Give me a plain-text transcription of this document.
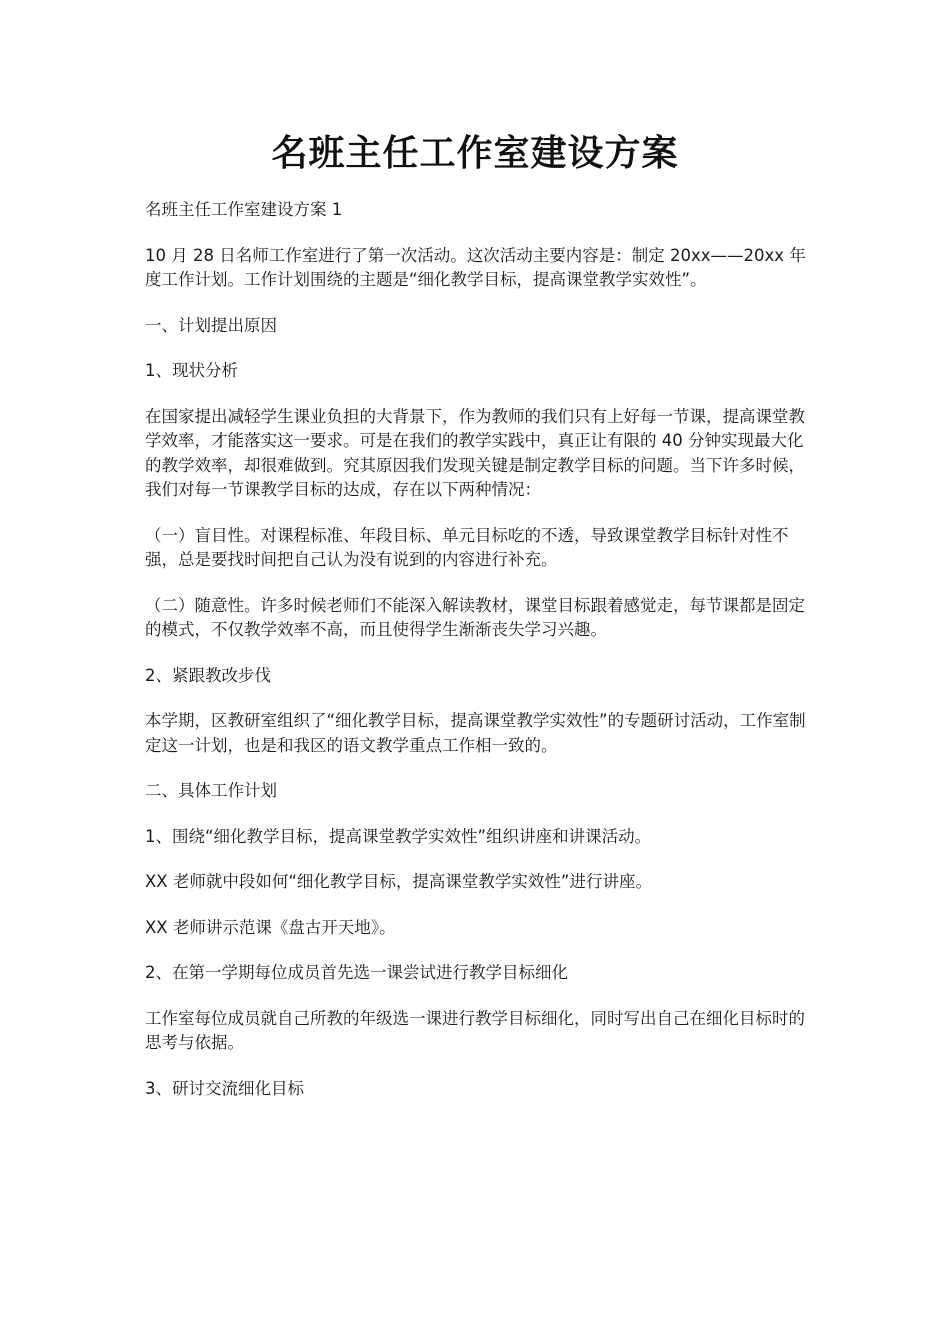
名班主任工作室建设方案

名班主任工作室建设方案 1

10 月 28 日名师工作室进行了第一次活动。这次活动主要内容是：制定 20xx——20xx 年度工作计划。工作计划围绕的主题是“细化教学目标，提高课堂教学实效性”。

一、计划提出原因

1、现状分析

在国家提出减轻学生课业负担的大背景下，作为教师的我们只有上好每一节课，提高课堂教学效率，才能落实这一要求。可是在我们的教学实践中，真正让有限的 40 分钟实现最大化的教学效率，却很难做到。究其原因我们发现关键是制定教学目标的问题。当下许多时候，我们对每一节课教学目标的达成，存在以下两种情况：

（一）盲目性。对课程标准、年段目标、单元目标吃的不透，导致课堂教学目标针对性不强，总是要找时间把自己认为没有说到的内容进行补充。

（二）随意性。许多时候老师们不能深入解读教材，课堂目标跟着感觉走，每节课都是固定的模式，不仅教学效率不高，而且使得学生渐渐丧失学习兴趣。

2、紧跟教改步伐

本学期，区教研室组织了“细化教学目标，提高课堂教学实效性”的专题研讨活动，工作室制定这一计划，也是和我区的语文教学重点工作相一致的。

二、具体工作计划

1、围绕“细化教学目标，提高课堂教学实效性”组织讲座和讲课活动。

XX 老师就中段如何“细化教学目标，提高课堂教学实效性”进行讲座。

XX 老师讲示范课《盘古开天地》。

2、在第一学期每位成员首先选一课尝试进行教学目标细化

工作室每位成员就自己所教的年级选一课进行教学目标细化，同时写出自己在细化目标时的思考与依据。

3、研讨交流细化目标
